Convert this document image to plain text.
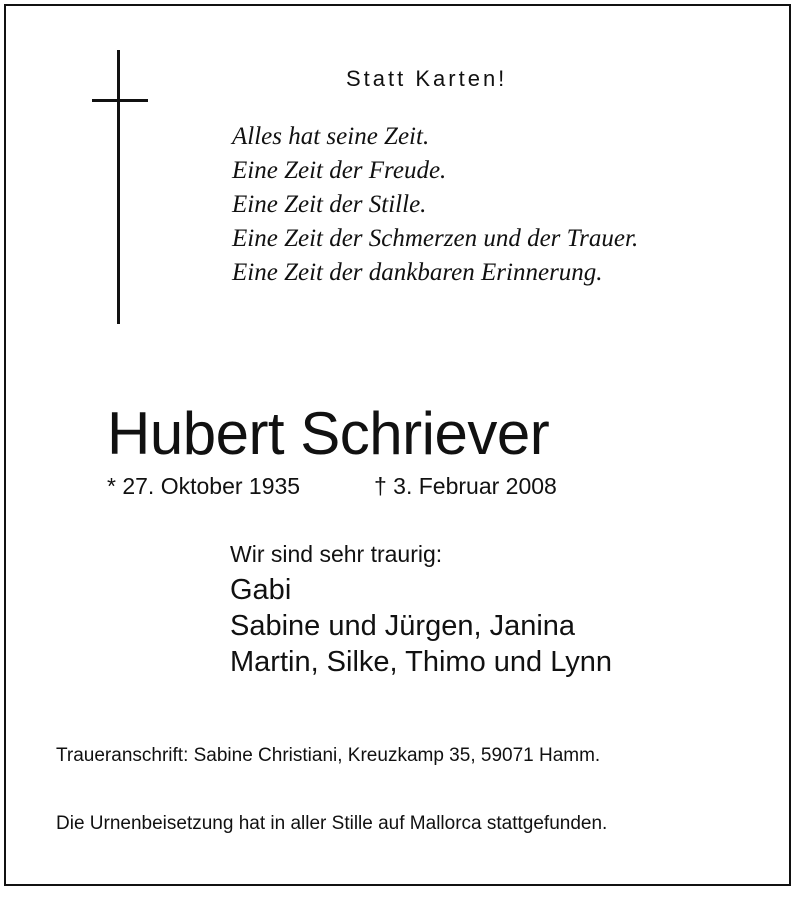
Statt Karten!
Alles hat seine Zeit.
Eine Zeit der Freude.
Eine Zeit der Stille.
Eine Zeit der Schmerzen und der Trauer.
Eine Zeit der dankbaren Erinnerung.
Hubert Schriever
* 27. Oktober 1935	† 3. Februar 2008
Wir sind sehr traurig:
Gabi
Sabine und Jürgen, Janina
Martin, Silke, Thimo und Lynn
Traueranschrift: Sabine Christiani, Kreuzkamp 35, 59071 Hamm.
Die Urnenbeisetzung hat in aller Stille auf Mallorca stattgefunden.
